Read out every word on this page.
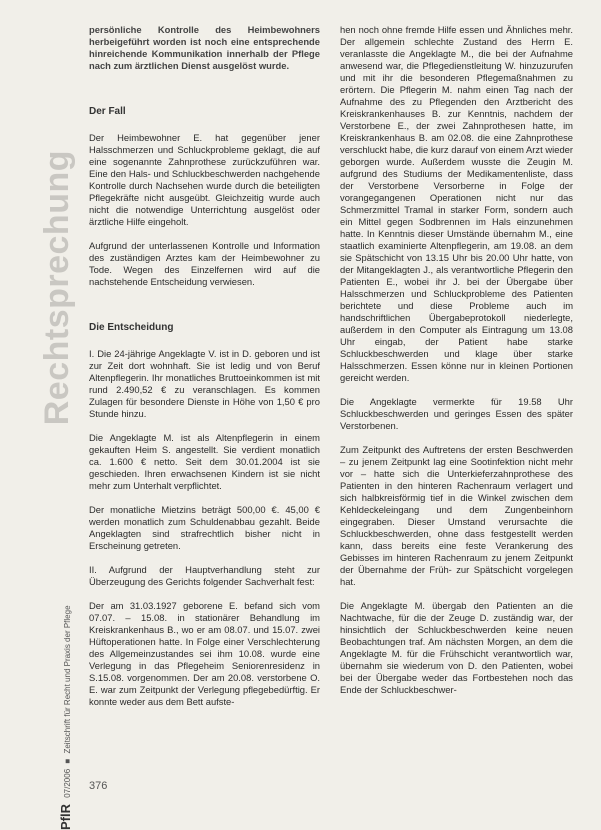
Rechtsprechung
PflR 07/2006 ■ Zeitschrift für Recht und Praxis der Pflege
376

persönliche Kontrolle des Heimbewohners herbeigeführt worden ist noch eine entsprechende hinreichende Kommunikation innerhalb der Pflege nach zum ärztlichen Dienst ausgelöst wurde.

Der Fall

Der Heimbewohner E. hat gegenüber jener Halsschmerzen und Schluckprobleme geklagt, die auf eine sogenannte Zahnprothese zurückzuführen war. Eine den Hals- und Schluckbeschwerden nachgehende Kontrolle durch Nachsehen wurde durch die beteiligten Pflegekräfte nicht ausgeübt. Gleichzeitig wurde auch nicht die notwendige Unterrichtung ausgelöst oder ärztliche Hilfe eingeholt.

Aufgrund der unterlassenen Kontrolle und Information des zuständigen Arztes kam der Heimbewohner zu Tode. Wegen des Einzelfernen wird auf die nachstehende Entscheidung verwiesen.

Die Entscheidung

I. Die 24-jährige Angeklagte V. ist in D. geboren und ist zur Zeit dort wohnhaft. Sie ist ledig und von Beruf Altenpflegerin. Ihr monatliches Bruttoeinkommen ist mit rund 2.490,52 € zu veranschlagen. Es kommen Zulagen für besondere Dienste in Höhe von 1,50 € pro Stunde hinzu.

Die Angeklagte M. ist als Altenpflegerin in einem gekauften Heim S. angestellt. Sie verdient monatlich ca. 1.600 € netto. Seit dem 30.01.2004 ist sie geschieden. Ihren erwachsenen Kindern ist sie nicht mehr zum Unterhalt verpflichtet.

Der monatliche Mietzins beträgt 500,00 €. 45,00 € werden monatlich zum Schuldenabbau gezahlt. Beide Angeklagten sind strafrechtlich bisher nicht in Erscheinung getreten.

II. Aufgrund der Hauptverhandlung steht zur Überzeugung des Gerichts folgender Sachverhalt fest:

Der am 31.03.1927 geborene E. befand sich vom 07.07. – 15.08. in stationärer Behandlung im Kreiskrankenhaus B., wo er am 08.07. und 15.07. zwei Hüftoperationen hatte. In Folge einer Verschlechterung des Allgemeinzustandes sei ihm 10.08. wurde eine Verlegung in das Pflegeheim Seniorenresidenz in S.15.08. vorgenommen. Der am 20.08. verstorbene O. E. war zum Zeitpunkt der Verlegung pflegebedürftig. Er konnte weder aus dem Bett aufste-

hen noch ohne fremde Hilfe essen und Ähnliches mehr. Der allgemein schlechte Zustand des Herrn E. veranlasste die Angeklagte M., die bei der Aufnahme anwesend war, die Pflegedienstleitung W. hinzuzurufen und mit ihr die besonderen Pflegemaßnahmen zu erörtern. Die Pflegerin M. nahm einen Tag nach der Aufnahme des zu Pflegenden den Arztbericht des Kreiskrankenhauses B. zur Kenntnis, nachdem der Verstorbene E., der zwei Zahnprothesen hatte, im Kreiskrankenhaus B. am 02.08. die eine Zahnprothese verschluckt habe, die kurz darauf von einem Arzt wieder geborgen wurde. Außerdem wusste die Zeugin M. aufgrund des Studiums der Medikamentenliste, dass der Verstorbene Versorberne in Folge der vorangegangenen Operationen nicht nur das Schmerzmittel Tramal in starker Form, sondern auch ein Mittel gegen Sodbrennen im Hals einzunehmen hatte. In Kenntnis dieser Umstände übernahm M., eine staatlich examinierte Altenpflegerin, am 19.08. an dem sie Spätschicht von 13.15 Uhr bis 20.00 Uhr hatte, von der Mitangeklagten J., als verantwortliche Pflegerin den Patienten E., wobei ihr J. bei der Übergabe über Halsschmerzen und Schluckprobleme des Patienten berichtete und diese Probleme auch im handschriftlichen Übergabeprotokoll niederlegte, außerdem in den Computer als Eintragung um 13.08 Uhr eingab, der Patient habe starke Schluckbeschwerden und klage über starke Halsschmerzen. Essen könne nur in kleinen Portionen gereicht werden.

Die Angeklagte vermerkte für 19.58 Uhr Schluckbeschwerden und geringes Essen des später Verstorbenen.

Zum Zeitpunkt des Auftretens der ersten Beschwerden – zu jenem Zeitpunkt lag eine Sootinfektion nicht mehr vor – hatte sich die Unterkieferzahnprothese des Patienten in den hinteren Rachenraum verlagert und sich halbkreisförmig tief in die Winkel zwischen dem Kehldeckeleingang und dem Zungenbeinhorn eingegraben. Dieser Umstand verursachte die Schluckbeschwerden, ohne dass festgestellt werden kann, dass bereits eine feste Verankerung des Gebisses im hinteren Rachenraum zu jenem Zeitpunkt der Übernahme der Früh- zur Spätschicht vorgelegen hat.

Die Angeklagte M. übergab den Patienten an die Nachtwache, für die der Zeuge D. zuständig war, der hinsichtlich der Schluckbeschwerden keine neuen Beobachtungen traf. Am nächsten Morgen, an dem die Angeklagte M. für die Frühschicht verantwortlich war, übernahm sie wiederum von D. den Patienten, wobei bei der Übergabe weder das Fortbestehen noch das Ende der Schluckbeschwer-
